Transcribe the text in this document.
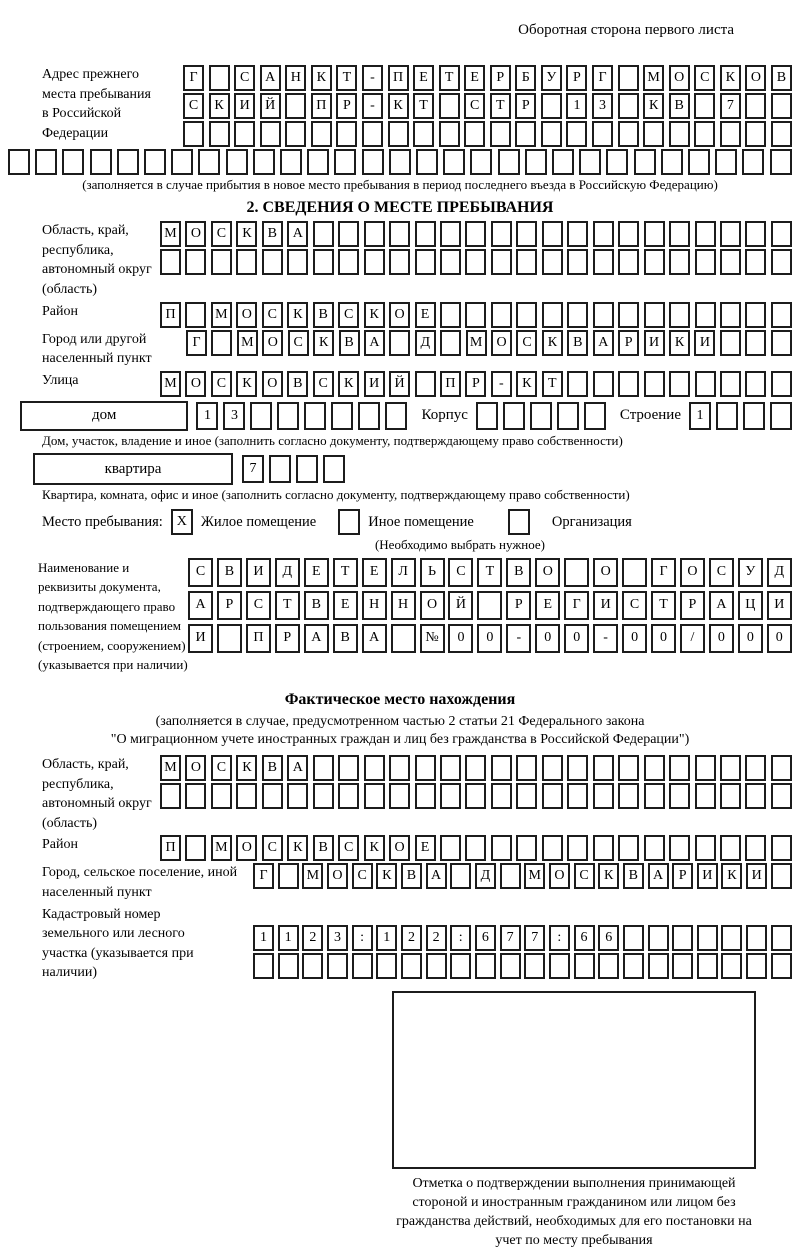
Оборотная сторона первого листа
Адрес прежнего места пребывания в Российской Федерации
Г	С	А	Н	К	Т	-	П	Е	Т	Е	Р	Б	У	Р	Г	М	О	С	К	О	В
С	К	И	Й	П	Р	-	К	Т	С	Т	Р	1	3	К	В	7
(заполняется в случае прибытия в новое место пребывания в период последнего въезда в Российскую Федерацию)
2. СВЕДЕНИЯ О МЕСТЕ ПРЕБЫВАНИЯ
Область, край, республика, автономный округ (область)
М	О	С	К	В	А
Район	П	М	О	С	К	В	С	К	О	Е
Город или другой населенный пункт
Г	М	О	С	К	В	А	Д	М	О	С	К	В	А	Р	И	К	И
Улица	М	О	С	К	О	В	С	К	И	Й	П	Р	-	К	Т
дом	1	3	Корпус	Строение	1
Дом, участок, владение и иное (заполнить согласно документу, подтверждающему право собственности)
квартира	7
Квартира, комната, офис и иное (заполнить согласно документу, подтверждающему право собственности)
Место пребывания: X Жилое помещение	Иное помещение	Организация
(Необходимо выбрать нужное)
Наименование и реквизиты документа, подтверждающего право пользования помещением (строением, сооружением) (указывается при наличии)
С	В	И	Д	Е	Т	Е	Л	Ь	С	Т	В	О	О	Г	О	С	У	Д
А	Р	С	Т	В	Е	Н	Н	О	Й	Р	Е	Г	И	С	Т	Р	А	Ц	И
И	П	Р	А	В	А	№	0	0	-	0	0	-	0	0	/	0	0	0
Фактическое место нахождения
(заполняется в случае, предусмотренном частью 2 статьи 21 Федерального закона
"О миграционном учете иностранных граждан и лиц без гражданства в Российской Федерации")
Область, край, республика, автономный округ (область)
М	О	С	К	В	А
Район	П	М	О	С	К	В	С	К	О	Е
Город, сельское поселение, иной населенный пункт
Г	М О	С	К	В	А	Д	М О	С	К	В	А	Р	И	К	И
Кадастровый номер земельного или лесного участка (указывается при наличии)
1	1	2	3	:	1	2	2	:	6	7	7	:	6	6
Отметка о подтверждении выполнения принимающей стороной и иностранным гражданином или лицом без гражданства действий, необходимых для его постановки на учет по месту пребывания
